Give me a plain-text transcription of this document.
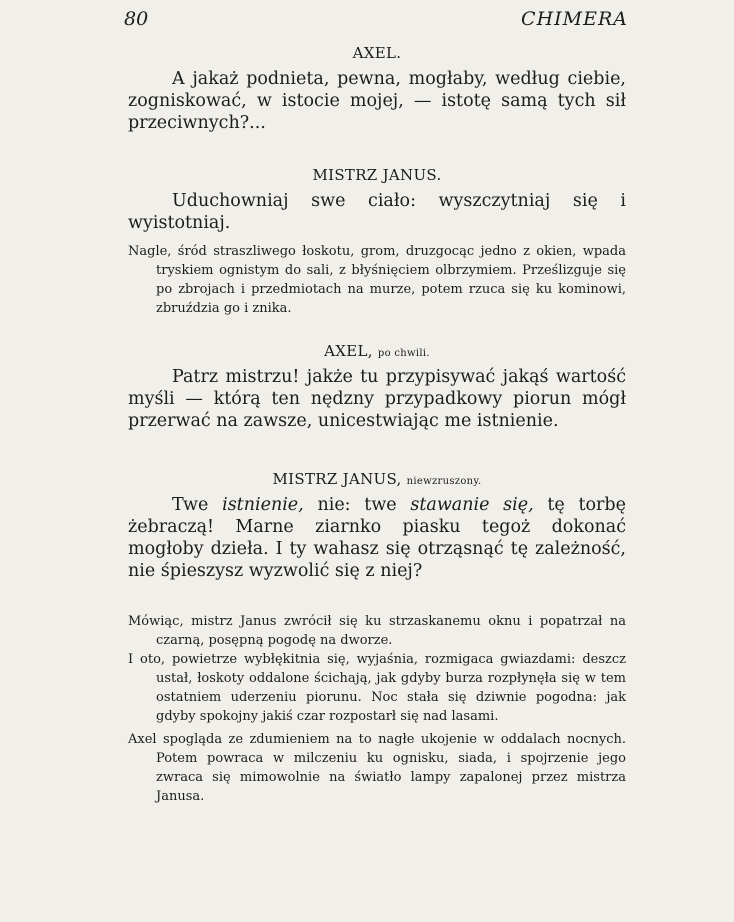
80	CHIMERA
AXEL.
A jakaż podnieta, pewna, mogłaby, według ciebie, zogniskować, w istocie mojej, — istotę samą tych sił przeciwnych?...
MISTRZ JANUS.
Uduchowniaj swe ciało: wyszczytniaj się i wyistotniaj.
Nagle, śród straszliwego łoskotu, grom, druzgocąc jedno z okien, wpada tryskiem ognistym do sali, z błyśnięciem olbrzymiem. Prześlizguje się po zbrojach i przedmiotach na murze, potem rzuca się ku kominowi, zbruździa go i znika.
AXEL, po chwili.
Patrz mistrzu! jakże tu przypisywać jakąś wartość myśli — którą ten nędzny przypadkowy piorun mógł przerwać na zawsze, unicestwiając me istnienie.
MISTRZ JANUS, niewzruszony.
Twe istnienie, nie: twe stawanie się, tę torbę żebraczą! Marne ziarnko piasku tegoż dokonać mogłoby dzieła. I ty wahasz się otrząsnąć tę zależność, nie śpieszysz wyzwolić się z niej?
Mówiąc, mistrz Janus zwrócił się ku strzaskanemu oknu i popatrzał na czarną, posępną pogodę na dworze.
I oto, powietrze wybłękitnia się, wyjaśnia, rozmigaca gwiazdami: deszcz ustał, łoskoty oddalone ścichają, jak gdyby burza rozpłynęła się w tem ostatniem uderzeniu piorunu. Noc stała się dziwnie pogodna: jak gdyby spokojny jakiś czar rozpostarł się nad lasami.
Axel spogląda ze zdumieniem na to nagłe ukojenie w oddalach nocnych. Potem powraca w milczeniu ku ognisku, siada, i spojrzenie jego zwraca się mimowolnie na światło lampy zapalonej przez mistrza Janusa.
